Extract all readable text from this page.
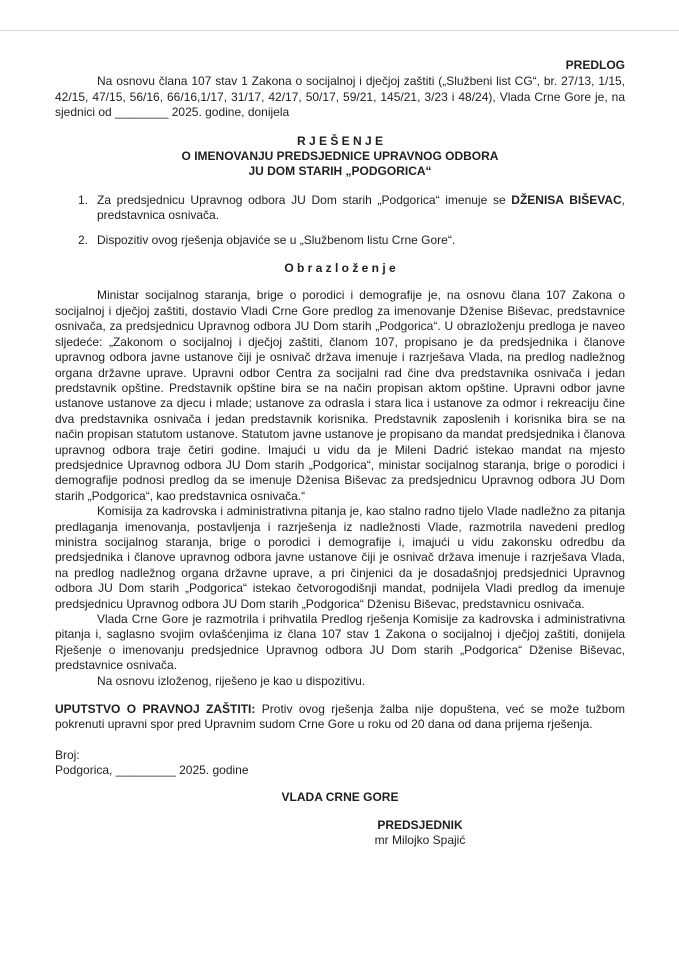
PREDLOG
Na osnovu člana 107 stav 1 Zakona o socijalnoj i dječjoj zaštiti („Službeni list CG“, br. 27/13, 1/15, 42/15, 47/15, 56/16, 66/16,1/17, 31/17, 42/17, 50/17, 59/21, 145/21, 3/23 i 48/24), Vlada Crne Gore je, na sjednici od ________ 2025. godine, donijela
R J E Š E N J E
O IMENOVANJU PREDSJEDNICE UPRAVNOG ODBORA
JU DOM STARIH „PODGORICA“
1. Za predsjednicu Upravnog odbora JU Dom starih „Podgorica“ imenuje se DŽENISA BIŠEVAC, predstavnica osnivača.
2. Dispozitiv ovog rješenja objaviće se u „Službenom listu Crne Gore“.
O b r a z l o ž e n j e
Ministar socijalnog staranja, brige o porodici i demografije je, na osnovu člana 107 Zakona o socijalnoj i dječjoj zaštiti, dostavio Vladi Crne Gore predlog za imenovanje Dženise Biševac, predstavnice osnivača, za predsjednicu Upravnog odbora JU Dom starih „Podgorica“. U obrazloženju predloga je naveo sljedeće: „Zakonom o socijalnoj i dječjoj zaštiti, članom 107, propisano je da predsjednika i članove upravnog odbora javne ustanove čiji je osnivač država imenuje i razrješava Vlada, na predlog nadležnog organa državne uprave. Upravni odbor Centra za socijalni rad čine dva predstavnika osnivača i jedan predstavnik opštine. Predstavnik opštine bira se na način propisan aktom opštine. Upravni odbor javne ustanove ustanove za djecu i mlade; ustanove za odrasla i stara lica i ustanove za odmor i rekreaciju čine dva predstavnika osnivača i jedan predstavnik korisnika. Predstavnik zaposlenih i korisnika bira se na način propisan statutom ustanove. Statutom javne ustanove je propisano da mandat predsjednika i članova upravnog odbora traje četiri godine. Imajući u vidu da je Mileni Dadrić istekao mandat na mjesto predsjednice Upravnog odbora JU Dom starih „Podgorica“, ministar socijalnog staranja, brige o porodici i demografije podnosi predlog da se imenuje Dženisa Biševac za predsjednicu Upravnog odbora JU Dom starih „Podgorica“, kao predstavnica osnivača.“
Komisija za kadrovska i administrativna pitanja je, kao stalno radno tijelo Vlade nadležno za pitanja predlaganja imenovanja, postavljenja i razrješenja iz nadležnosti Vlade, razmotrila navedeni predlog ministra socijalnog staranja, brige o porodici i demografije i, imajući u vidu zakonsku odredbu da predsjednika i članove upravnog odbora javne ustanove čiji je osnivač država imenuje i razrješava Vlada, na predlog nadležnog organa državne uprave, a pri činjenici da je dosadašnjoj predsjednici Upravnog odbora JU Dom starih „Podgorica“ istekao četvorogodišnji mandat, podnijela Vladi predlog da imenuje predsjednicu Upravnog odbora JU Dom starih „Podgorica“ Dženisu Biševac, predstavnicu osnivača.
Vlada Crne Gore je razmotrila i prihvatila Predlog rješenja Komisije za kadrovska i administrativna pitanja i, saglasno svojim ovlašćenjima iz člana 107 stav 1 Zakona o socijalnoj i dječjoj zaštiti, donijela Rješenje o imenovanju predsjednice Upravnog odbora JU Dom starih „Podgorica“ Dženise Biševac, predstavnice osnivača.
Na osnovu izloženog, riješeno je kao u dispozitivu.
UPUTSTVO O PRAVNOJ ZAŠTITI: Protiv ovog rješenja žalba nije dopuštena, već se može tužbom pokrenuti upravni spor pred Upravnim sudom Crne Gore u roku od 20 dana od dana prijema rješenja.
Broj:
Podgorica, _________ 2025. godine
VLADA CRNE GORE
PREDSJEDNIK
mr Milojko Spajić
